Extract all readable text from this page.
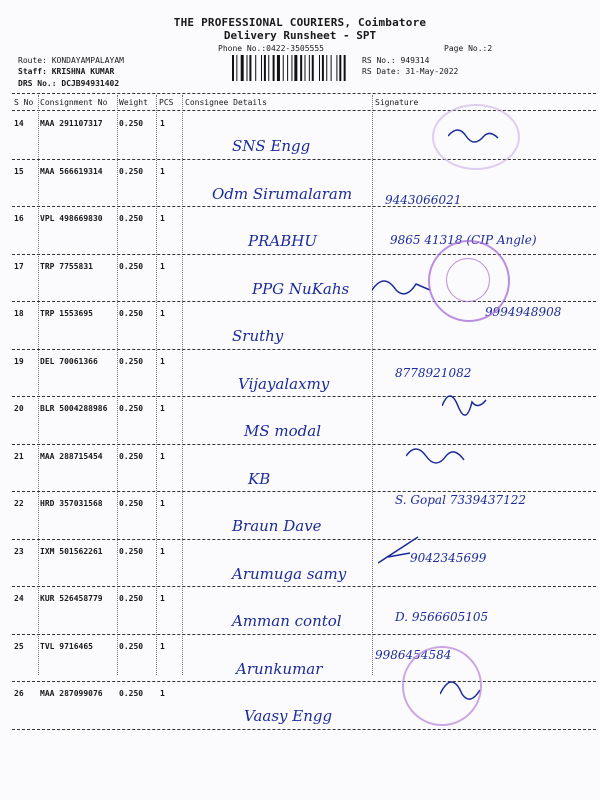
THE PROFESSIONAL COURIERS, Coimbatore
Delivery Runsheet - SPT
Phone No.:0422-3505555	Page No.:2
Route: KONDAYAMPALAYAM
Staff: KRISHNA KUMAR
DRS No.: DCJB94931402
RS No.: 949314
RS Date: 31-May-2022
S No Consignment No Weight PCS Consignee Details	Signature
14 MAA 291107317 0.250 1
SNS Engg
15 MAA 566619314 0.250 1
Odm Sirumalaram	9443066021
16 VPL 498669830 0.250 1
PRABHU	9865 41318 (CIP Angle)
17 TRP 7755831	0.250 1
PPG NuKahs
18 TRP 1553695	0.250 1
Sruthy
9994948908
19 DEL 70061366	0.250 1
Vijayalaxmy
8778921082
20 BLR 5004288986 0.250 1
MS modal
21 MAA 288715454 0.250 1
KB
22 HRD 357031568 0.250 1
Braun Dave
S. Gopal 7339437122
23 IXM 501562261 0.250 1
Arumuga samy
9042345699
24 KUR 526458779 0.250 1
Amman contol	D. 9566605105
25 TVL 9716465	0.250 1
Arunkumar
9986454584
26 MAA 287099076 0.250 1
Vaasy Engg
